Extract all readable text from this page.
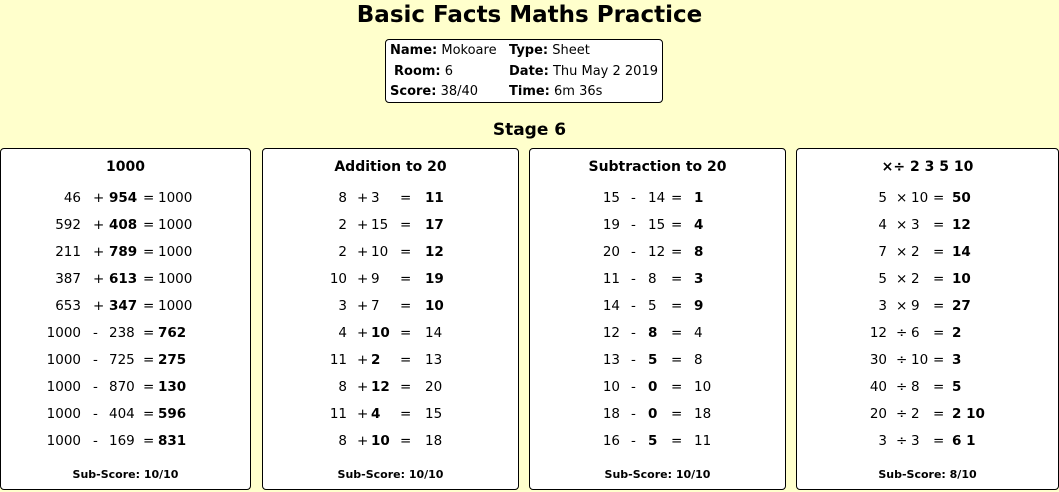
Basic Facts Maths Practice
Name: Mokoare Type: Sheet
Room: 6	Date: Thu May 2 2019
Score: 38/40 Time: 6m 36s
Stage 6
1000
46 + 954 = 1000
592 + 408 = 1000
211 + 789 = 1000
387 + 613 = 1000
653 + 347 = 1000
1000 - 238 = 762
1000 - 725 = 275
1000 - 870 = 130
1000 - 404 = 596
1000 - 169 = 831
Sub-Score: 10/10
Addition to 20
8 + 3 = 11
2 + 15 = 17
2 + 10 = 12
10 + 9 = 19
3 + 7 = 10
4 + 10 = 14
11 + 2 = 13
8 + 12 = 20
11 + 4 = 15
8 + 10 = 18
Sub-Score: 10/10
Subtraction to 20
15 - 14 = 1
19 - 15 = 4
20 - 12 = 8
11 - 8 = 3
14 - 5 = 9
12 - 8 = 4
13 - 5 = 8
10 - 0 = 10
18 - 0 = 18
16 - 5 = 11
Sub-Score: 10/10
×÷ 2 3 5 10
5 × 10 = 50
4 × 3 = 12
7 × 2 = 14
5 × 2 = 10
3 × 9 = 27
12 ÷ 6 = 2
30 ÷ 10 = 3
40 ÷ 8 = 5
20 ÷ 2 = 2 10
3 ÷ 3 = 6 1
Sub-Score: 8/10
